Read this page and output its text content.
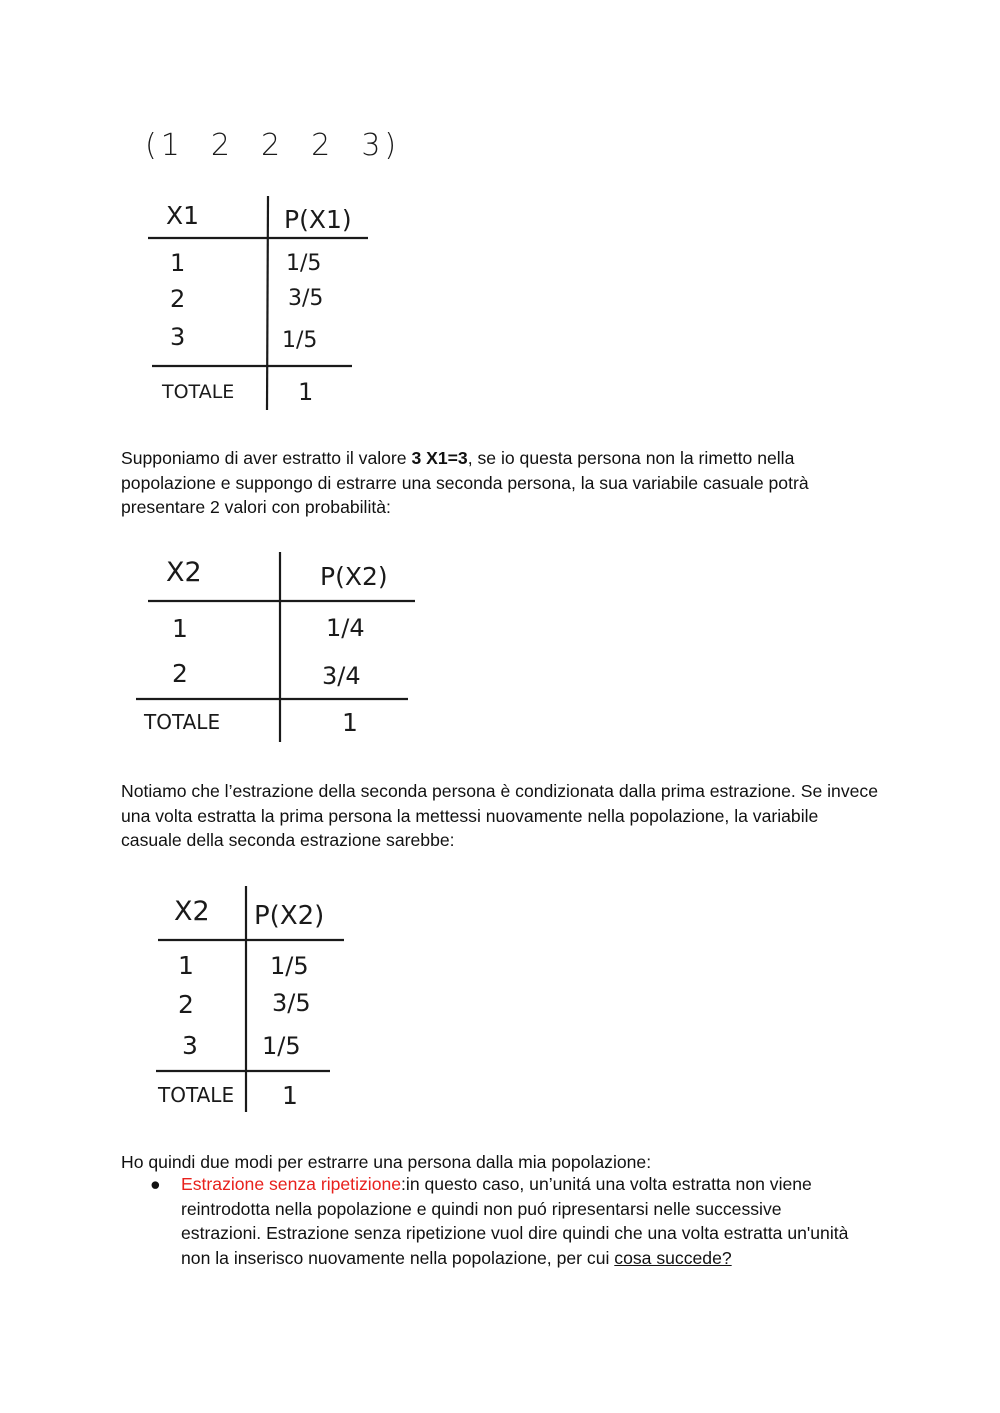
(1  2  2  2  3)
X1	P(X1)
1	1/5
2	3/5
3	1/5
TOTALE	1

Supponiamo di aver estratto il valore 3 X1=3, se io questa persona non la rimetto nella popolazione e suppongo di estrarre una seconda persona, la sua variabile casuale potrà presentare 2 valori con probabilità:

X2	P(X2)
1	1/4
2	3/4
TOTALE	1

Notiamo che l’estrazione della seconda persona è condizionata dalla prima estrazione. Se invece una volta estratta la prima persona la mettessi nuovamente nella popolazione, la variabile casuale della seconda estrazione sarebbe:

X2 P(X2)
1	1/5
2	3/5
3	1/5
TOTALE 1

Ho quindi due modi per estrarre una persona dalla mia popolazione:

● Estrazione senza ripetizione:in questo caso, un’unitá una volta estratta non viene reintrodotta nella popolazione e quindi non puó ripresentarsi nelle successive estrazioni. Estrazione senza ripetizione vuol dire quindi che una volta estratta un'unità non la inserisco nuovamente nella popolazione, per cui cosa succede?
